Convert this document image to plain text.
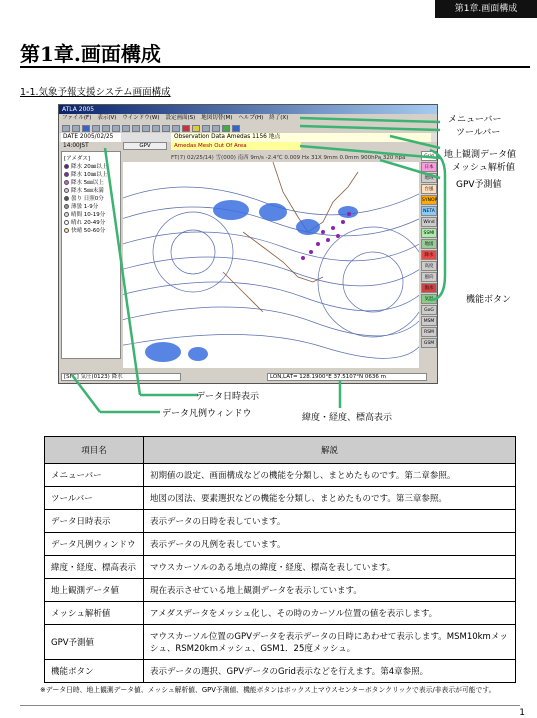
第1章.画面構成
第1章.画面構成
1-1.気象予報支援システム画面構成
ATLA 2005
ファイル(F) 表示(V) ウインドウ(W) 設定画面(S) 地図切替(M) ヘルプ(H) 終了(X)
DATE 2005/02/25 14:00JST
Observation Data Amedas 1156 地点
GPV	Amedas Mesh Out Of Area
FT(7) 02/25/14) 雪(000) 南西 9m/s -2.4℃ 0.009 Hx 31X 9mm 0.0mm 900hPa 320 hpa
[アメダス]
降水 20㎜以上
降水 10㎜以上
降水 5㎜以上
降水 5㎜未満
曇り 日照0分
薄曇 1-9分
晴間 10-19分
晴れ 20-49分
快晴 50-60分
Grid
日本
地域
台風
SYNOP
NETA
Wind
SSMI
地図
降水
高度
風向
海水
気温
GoG
MSM
RSM
GSM
[SFC] 気圧(0123) 降水	LON,LAT= 128.1900°E 37.5107°N 0636 m
メニューバー
ツールバー
地上観測データ値
メッシュ解析値
GPV予測値
機能ボタン
データ日時表示
データ凡例ウィンドウ	緯度・経度、標高表示
項目名	解説
メニューバー	初期値の設定、画面構成などの機能を分類し、まとめたものです。第二章参照。
ツールバー	地図の図法、要素選択などの機能を分類し、まとめたものです。第三章参照。
データ日時表示	表示データの日時を表しています。
データ凡例ウィンドウ	表示データの凡例を表しています。
緯度・経度、標高表示	マウスカーソルのある地点の緯度・経度、標高を表しています。
地上観測データ値	現在表示させている地上観測データを表示しています。
メッシュ解析値	アメダスデータをメッシュ化し、その時のカーソル位置の値を表示します。
GPV予測値	マウスカーソル位置のGPVデータを表示データの日時にあわせて表示します。MSM10kmメッシュ、RSM20kmメッシュ、GSM1．25度メッシュ。
機能ボタン	表示データの選択、GPVデータのGrid表示などを行えます。第4章参照。
※データ日時、地上観測データ値、メッシュ解析値、GPV予測値、機能ボタンはボックス上マウスセンターボタンクリックで表示/非表示が可能です。
1
